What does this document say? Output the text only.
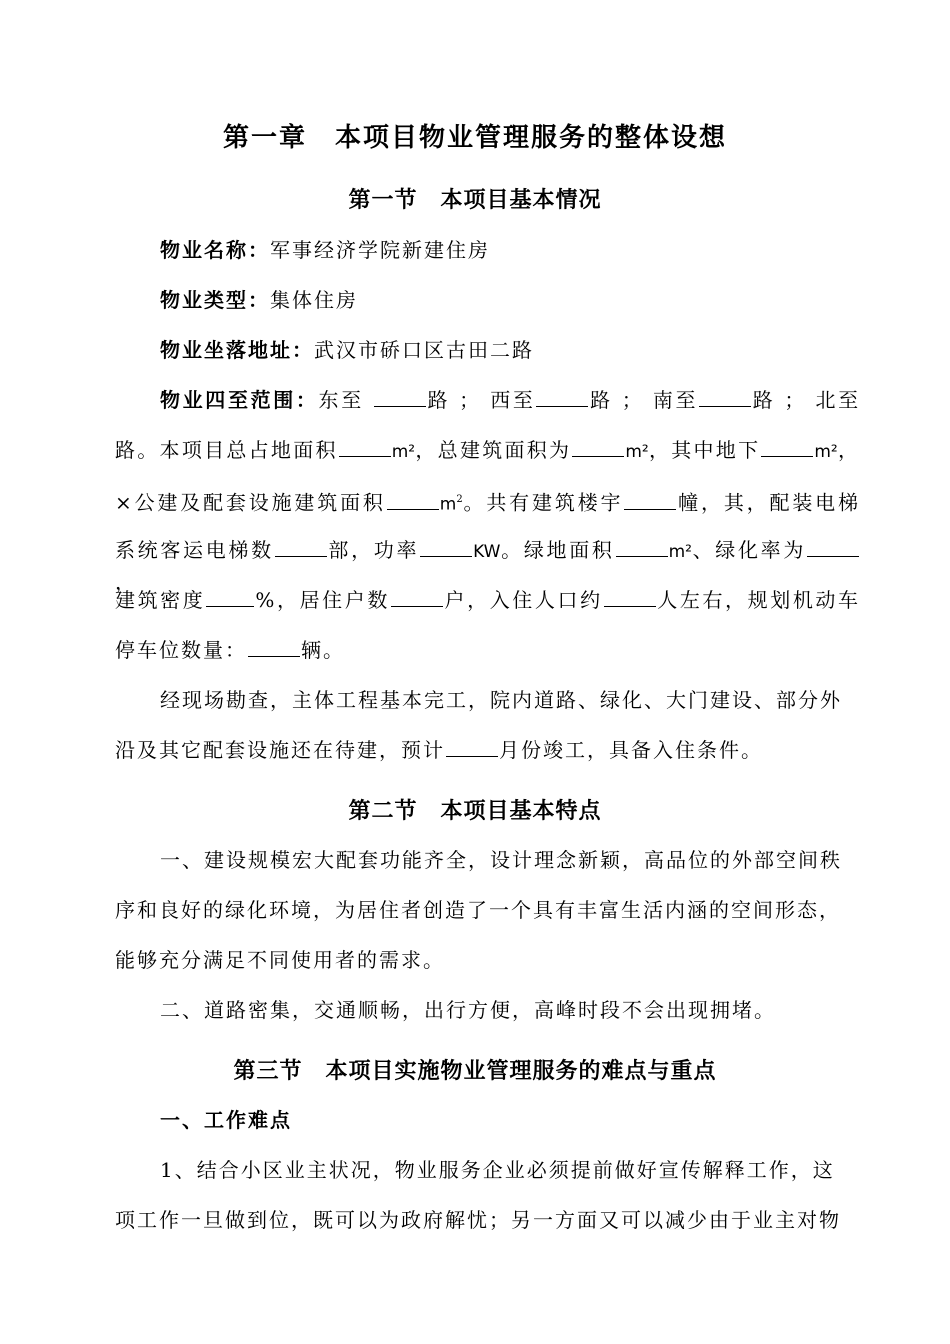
第一章　本项目物业管理服务的整体设想
第一节　本项目基本情况
物业名称：军事经济学院新建住房
物业类型：集体住房
物业坐落地址：武汉市硚口区古田二路
物业四至范围：东至	路 ； 西至	路 ； 南至	路 ； 北至
路。本项目总占地面积	m²，总建筑面积为	m²，其中地下	m²，
×公建及配套设施建筑面积	$m^2$。共有建筑楼宇	幢，其，配装电梯
系统客运电梯数	部，功率	KW。绿地面积	m²、绿化率为，
建筑密度	%，居住户数	户，入住人口约	人左右，规划机动车
停车位数量：	辆。
经现场勘查，主体工程基本完工，院内道路、绿化、大门建设、部分外
沿及其它配套设施还在待建，预计	月份竣工，具备入住条件。
第二节　本项目基本特点
一、建设规模宏大配套功能齐全，设计理念新颖，高品位的外部空间秩
序和良好的绿化环境，为居住者创造了一个具有丰富生活内涵的空间形态，
能够充分满足不同使用者的需求。
二、道路密集，交通顺畅，出行方便，高峰时段不会出现拥堵。
第三节　本项目实施物业管理服务的难点与重点
一、工作难点
1、结合小区业主状况，物业服务企业必须提前做好宣传解释工作，这
项工作一旦做到位，既可以为政府解忧；另一方面又可以减少由于业主对物
